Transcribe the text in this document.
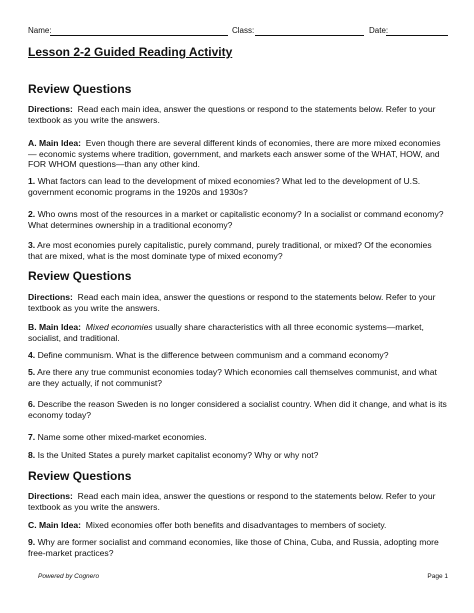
Name:	Class:	Date:
Lesson 2-2 Guided Reading Activity
Review Questions
Directions: Read each main idea, answer the questions or respond to the statements below. Refer to your textbook as you write the answers.
A. Main Idea: Even though there are several different kinds of economies, there are more mixed economies— economic systems where tradition, government, and markets each answer some of the WHAT, HOW, and FOR WHOM questions—than any other kind.
1. What factors can lead to the development of mixed economies? What led to the development of U.S. government economic programs in the 1920s and 1930s?
2. Who owns most of the resources in a market or capitalistic economy? In a socialist or command economy? What determines ownership in a traditional economy?
3. Are most economies purely capitalistic, purely command, purely traditional, or mixed? Of the economies that are mixed, what is the most dominate type of mixed economy?
Review Questions
Directions: Read each main idea, answer the questions or respond to the statements below. Refer to your textbook as you write the answers.
B. Main Idea: Mixed economies usually share characteristics with all three economic systems—market, socialist, and traditional.
4. Define communism. What is the difference between communism and a command economy?
5. Are there any true communist economies today? Which economies call themselves communist, and what are they actually, if not communist?
6. Describe the reason Sweden is no longer considered a socialist country. When did it change, and what is its economy today?
7. Name some other mixed-market economies.
8. Is the United States a purely market capitalist economy? Why or why not?
Review Questions
Directions: Read each main idea, answer the questions or respond to the statements below. Refer to your textbook as you write the answers.
C. Main Idea: Mixed economies offer both benefits and disadvantages to members of society.
9. Why are former socialist and command economies, like those of China, Cuba, and Russia, adopting more free-market practices?
Powered by Cognero	Page 1
